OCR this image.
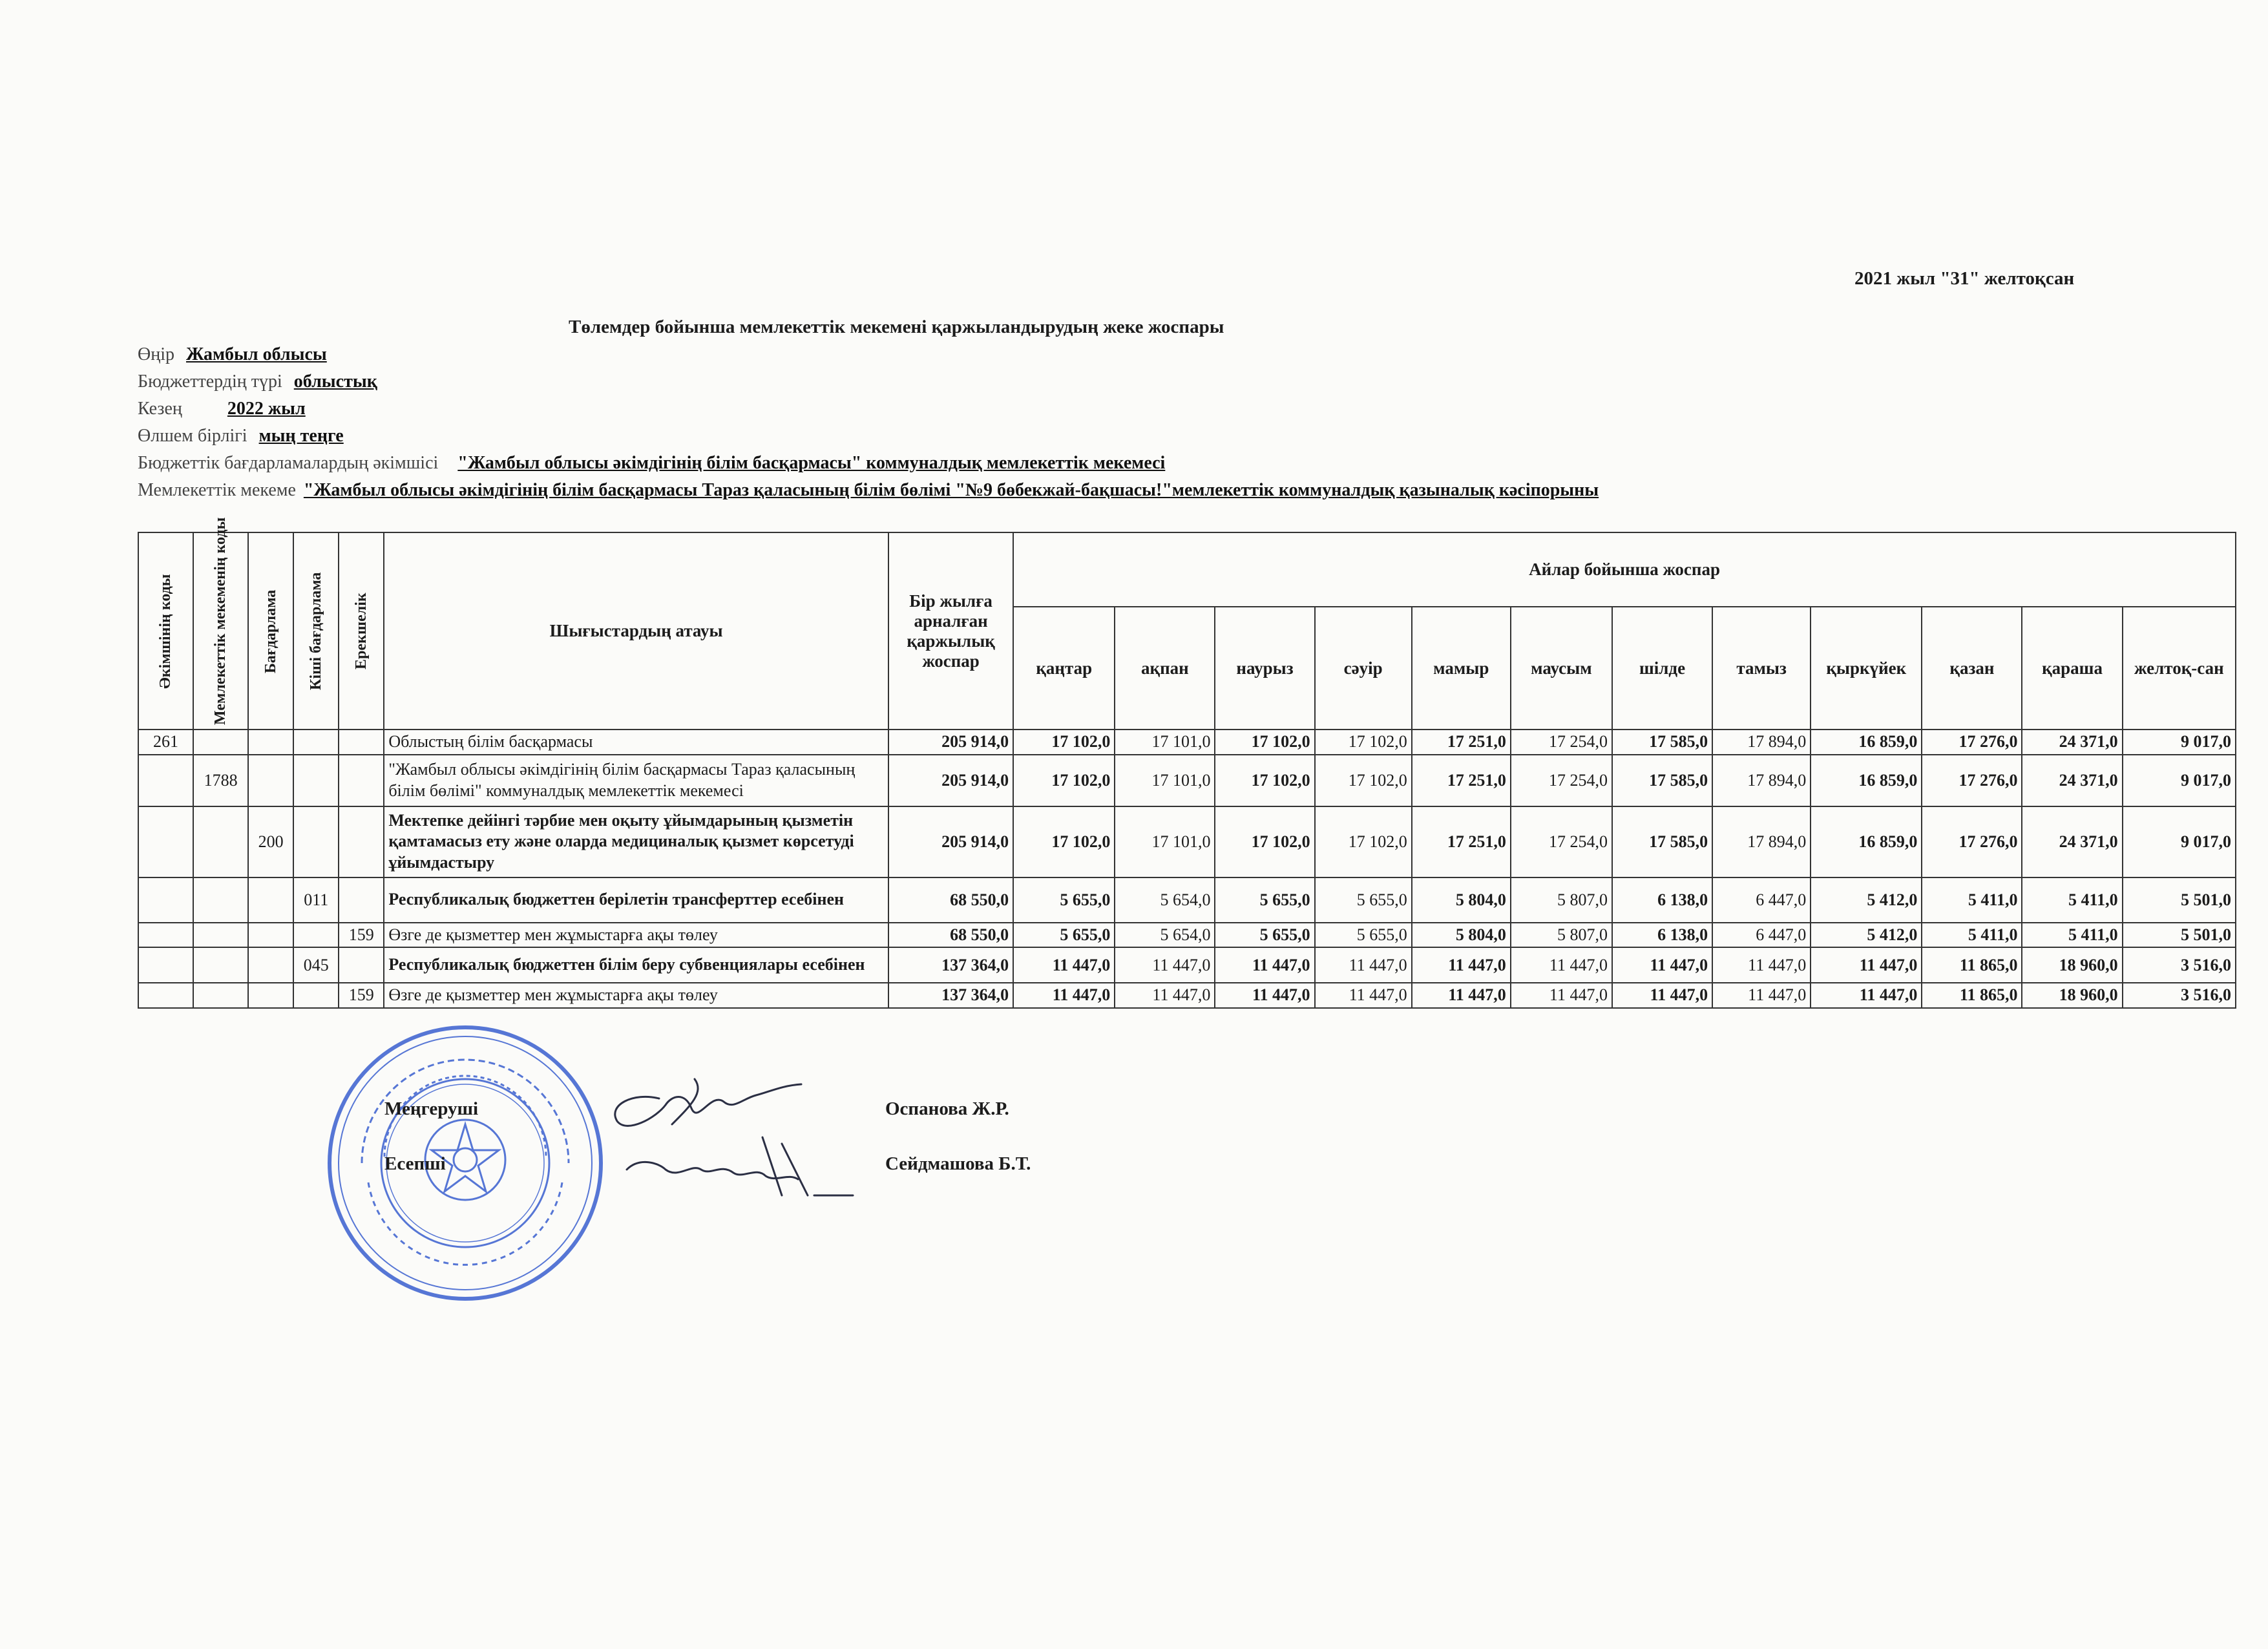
2021 жыл "31" желтоқсан
Төлемдер бойынша мемлекеттік мекемені қаржыландырудың жеке жоспары
Өңір Жамбыл облысы
Бюджеттердің түрі облыстық
Кезең	2022 жыл
Өлшем бірлігі мың теңге
Бюджеттік бағдарламалардың әкімшісі "Жамбыл облысы әкімдігінің білім басқармасы" коммуналдық мемлекеттік мекемесі
Мемлекеттік мекеме "Жамбыл облысы әкімдігінің білім басқармасы Тараз қаласының білім бөлімі "№9 бөбекжай-бақшасы!"мемлекеттік коммуналдық қазыналық кәсіпорыны
Әкімшінің коды	Мемлекеттік мекеменің коды	Бағдарлама	Кіші бағдарлама	Ерекшелік	Шығыстардың атауы	Бір жылға арналған қаржылық жоспар	Айлар бойынша жоспар											
							қаңтар	ақпан	наурыз	сәуір	мамыр	маусым	шілде	тамыз	қыркүйек	қазан	қараша	желтоқ-сан
261					Облыстың білім басқармасы	205 914,0	17 102,0	17 101,0	17 102,0	17 102,0	17 251,0	17 254,0	17 585,0	17 894,0	16 859,0	17 276,0	24 371,0	9 017,0
	1788				"Жамбыл облысы әкімдігінің білім басқармасы Тараз қаласының білім бөлімі" коммуналдық мемлекеттік мекемесі	205 914,0	17 102,0	17 101,0	17 102,0	17 102,0	17 251,0	17 254,0	17 585,0	17 894,0	16 859,0	17 276,0	24 371,0	9 017,0
		200			Мектепке дейінгі тәрбие мен оқыту ұйымдарының қызметін қамтамасыз ету және оларда медициналық қызмет көрсетуді ұйымдастыру	205 914,0	17 102,0	17 101,0	17 102,0	17 102,0	17 251,0	17 254,0	17 585,0	17 894,0	16 859,0	17 276,0	24 371,0	9 017,0
			011		Республикалық бюджеттен берілетін трансферттер есебінен	68 550,0	5 655,0	5 654,0	5 655,0	5 655,0	5 804,0	5 807,0	6 138,0	6 447,0	5 412,0	5 411,0	5 411,0	5 501,0
				159	Өзге де қызметтер мен жұмыстарға ақы төлеу	68 550,0	5 655,0	5 654,0	5 655,0	5 655,0	5 804,0	5 807,0	6 138,0	6 447,0	5 412,0	5 411,0	5 411,0	5 501,0
			045		Республикалық бюджеттен білім беру субвенциялары есебінен	137 364,0	11 447,0	11 447,0	11 447,0	11 447,0	11 447,0	11 447,0	11 447,0	11 447,0	11 447,0	11 865,0	18 960,0	3 516,0
				159	Өзге де қызметтер мен жұмыстарға ақы төлеу	137 364,0	11 447,0	11 447,0	11 447,0	11 447,0	11 447,0	11 447,0	11 447,0	11 447,0	11 447,0	11 865,0	18 960,0	3 516,0
Меңгеруші	Оспанова Ж.Р.
Есепші	Сейдмашова Б.Т.
